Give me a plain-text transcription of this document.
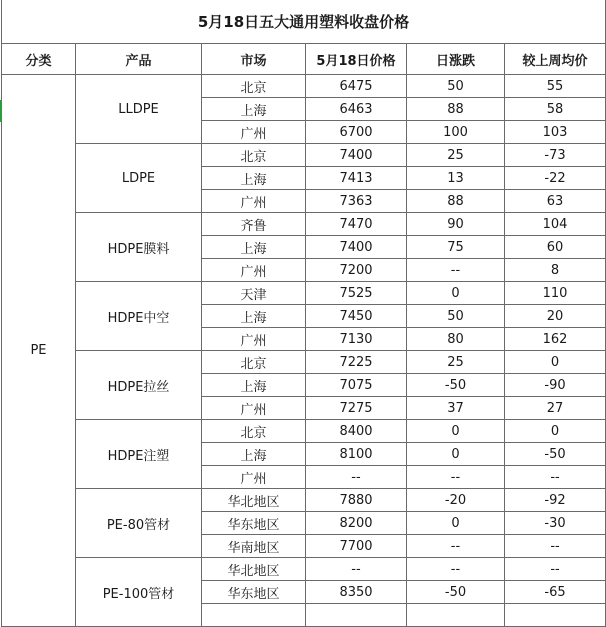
5月18日五大通用塑料收盘价格					
分类	产品	市场	5月18日价格	日涨跌	较上周均价
PE	LLDPE	北京	6475	50	55
		上海	6463	88	58
		广州	6700	100	103
	LDPE	北京	7400	25	-73
		上海	7413	13	-22
		广州	7363	88	63
	HDPE膜料	齐鲁	7470	90	104
		上海	7400	75	60
		广州	7200	--	8
	HDPE中空	天津	7525	0	110
		上海	7450	50	20
		广州	7130	80	162
	HDPE拉丝	北京	7225	25	0
		上海	7075	-50	-90
		广州	7275	37	27
	HDPE注塑	北京	8400	0	0
		上海	8100	0	-50
		广州	--	--	--
	PE-80管材	华北地区	7880	-20	-92
		华东地区	8200	0	-30
		华南地区	7700	--	--
	PE-100管材	华北地区	--	--	--
		华东地区	8350	-50	-65
